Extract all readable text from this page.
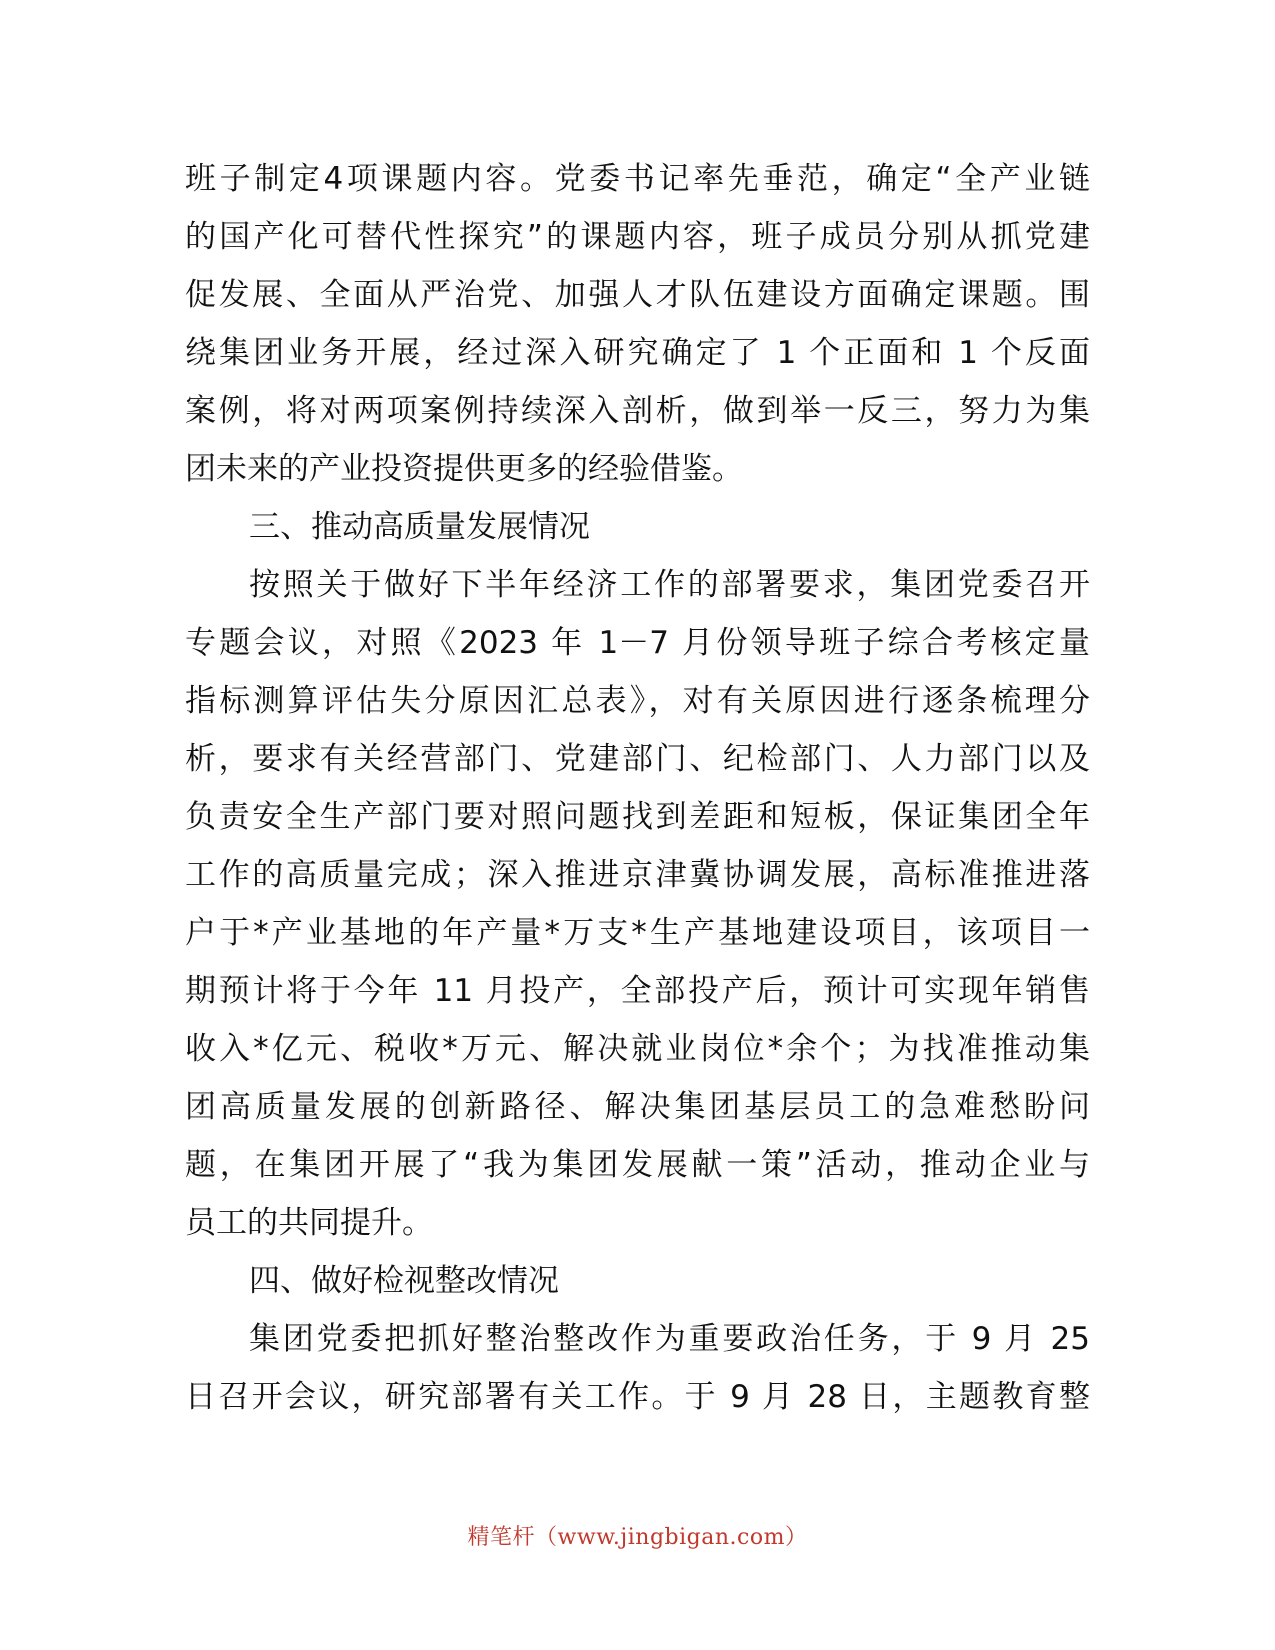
班子制定4项课题内容。党委书记率先垂范，确定“全产业链
的国产化可替代性探究”的课题内容，班子成员分别从抓党建
促发展、全面从严治党、加强人才队伍建设方面确定课题。围
绕集团业务开展，经过深入研究确定了 1 个正面和 1 个反面
案例，将对两项案例持续深入剖析，做到举一反三，努力为集
团未来的产业投资提供更多的经验借鉴。
三、推动高质量发展情况
按照关于做好下半年经济工作的部署要求，集团党委召开
专题会议，对照《2023 年 1－7 月份领导班子综合考核定量
指标测算评估失分原因汇总表》，对有关原因进行逐条梳理分
析，要求有关经营部门、党建部门、纪检部门、人力部门以及
负责安全生产部门要对照问题找到差距和短板，保证集团全年
工作的高质量完成；深入推进京津冀协调发展，高标准推进落
户于*产业基地的年产量*万支*生产基地建设项目，该项目一
期预计将于今年 11 月投产，全部投产后，预计可实现年销售
收入*亿元、税收*万元、解决就业岗位*余个；为找准推动集
团高质量发展的创新路径、解决集团基层员工的急难愁盼问
题，在集团开展了“我为集团发展献一策”活动，推动企业与
员工的共同提升。
四、做好检视整改情况
集团党委把抓好整治整改作为重要政治任务，于 9 月 25
日召开会议，研究部署有关工作。于 9 月 28 日，主题教育整
精笔杆（www.jingbigan.com）
